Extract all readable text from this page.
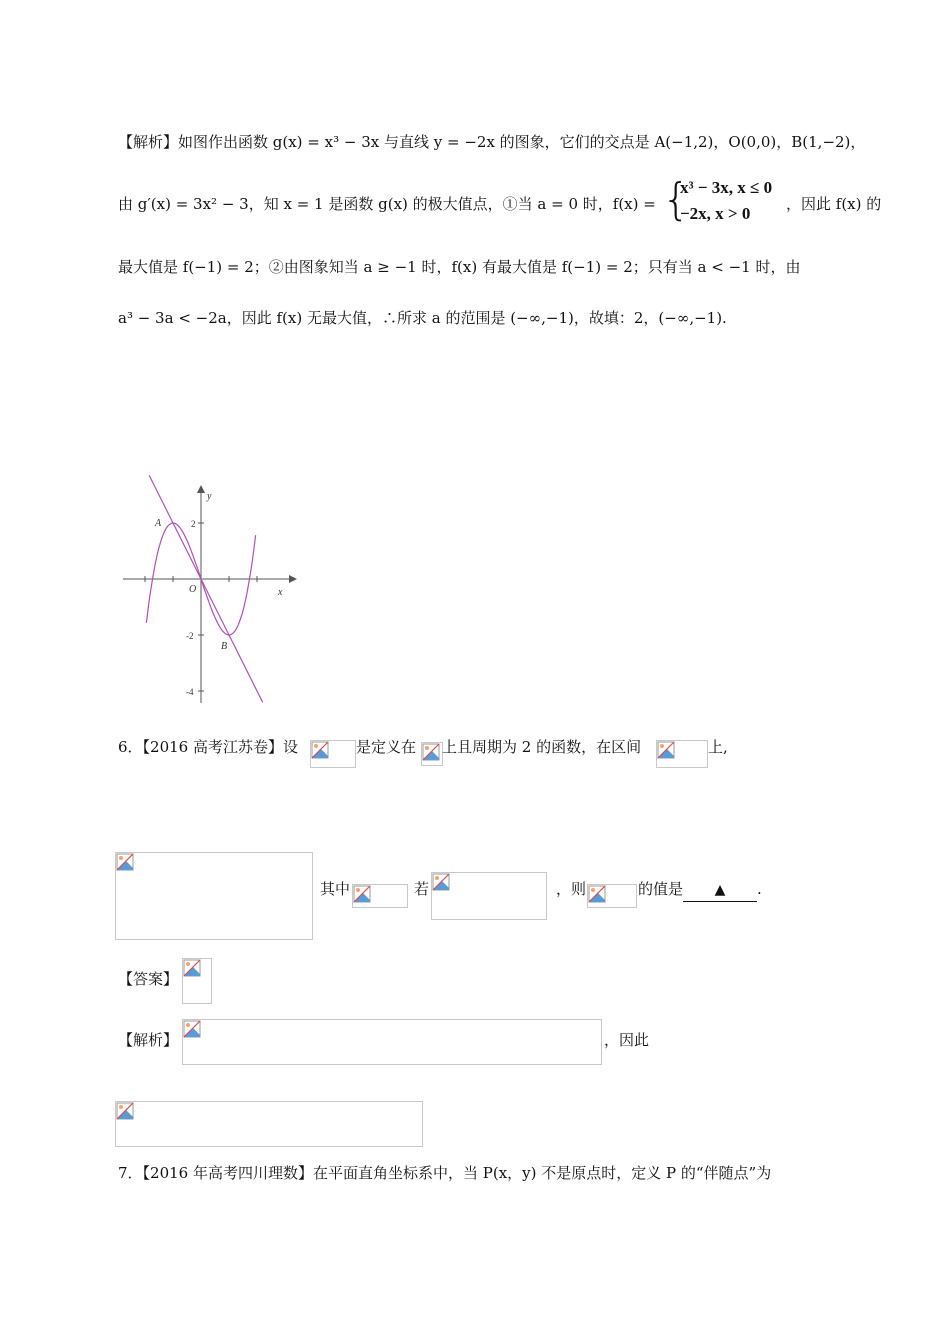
【解析】如图作出函数 g(x) = x³ − 3x 与直线 y = −2x 的图象，它们的交点是 A(−1,2)，O(0,0)，B(1,−2)，
由 g′(x) = 3x² − 3，知 x = 1 是函数 g(x) 的极大值点，①当 a = 0 时，f(x) = {
x³ − 3x, x ≤ 0
−2x, x > 0 ，因此 f(x) 的
最大值是 f(−1) = 2；②由图象知当 a ≥ −1 时，f(x) 有最大值是 f(−1) = 2；只有当 a < −1 时，由
a³ − 3a < −2a，因此 f(x) 无最大值，∴所求 a 的范围是 (−∞,−1)，故填：2，(−∞,−1).
y
x
O
A
B
2
-2
-4
6．【2016 高考江苏卷】设	是定义在 上且周期为 2 的函数，在区间	上,
其中	若	，则	的值是 ▲ .
【答案】
【解析】	，因此
7．【2016 年高考四川理数】在平面直角坐标系中，当 P(x，y) 不是原点时，定义 P 的“伴随点”为
